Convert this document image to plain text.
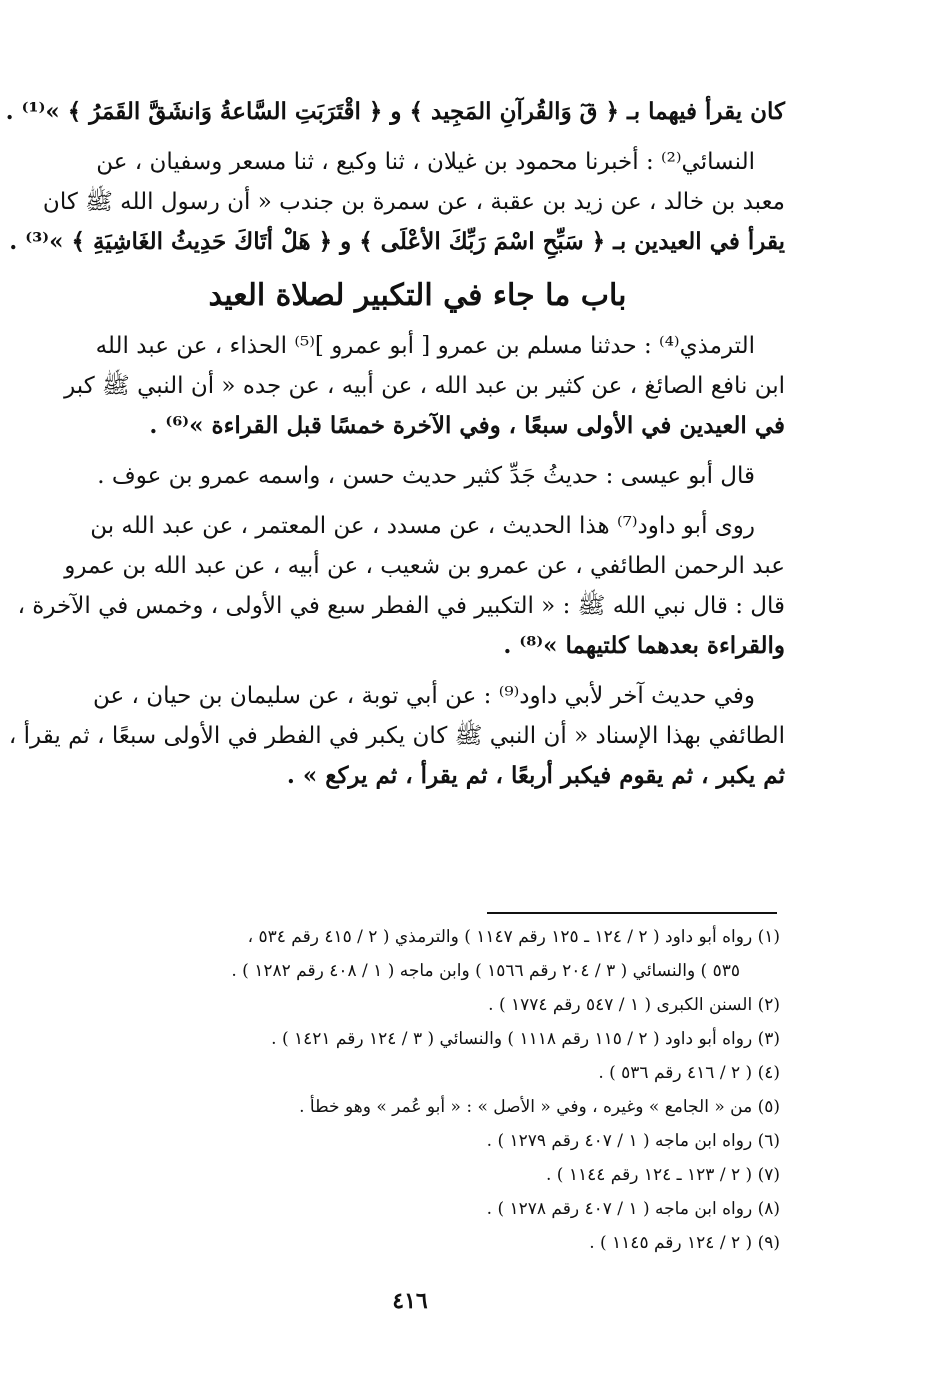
كان يقرأ فيهما بـ ﴿ قٓ وَالقُرآنِ المَجِيد ﴾ و ﴿ اقْتَرَبَتِ السَّاعةُ وَانشَقَّ القَمَرُ ﴾ »⁽¹⁾ .
النسائي⁽²⁾ : أخبرنا محمود بن غيلان ، ثنا وكيع ، ثنا مسعر وسفيان ، عن
معبد بن خالد ، عن زيد بن عقبة ، عن سمرة بن جندب « أن رسول الله ﷺ كان
يقرأ في العيدين بـ ﴿ سَبِّحِ اسْمَ رَبِّكَ الأعْلَى ﴾ و ﴿ هَلْ أتَاكَ حَدِيثُ الغَاشِيَةِ ﴾ »⁽³⁾ .
باب ما جاء في التكبير لصلاة العيد
الترمذي⁽⁴⁾ : حدثنا مسلم بن عمرو [ أبو عمرو ]⁽⁵⁾ الحذاء ، عن عبد الله
ابن نافع الصائغ ، عن كثير بن عبد الله ، عن أبيه ، عن جده « أن النبي ﷺ كبر
في العيدين في الأولى سبعًا ، وفي الآخرة خمسًا قبل القراءة »⁽⁶⁾ .
قال أبو عيسى : حديثُ جَدِّ كثير حديث حسن ، واسمه عمرو بن عوف .
روى أبو داود⁽⁷⁾ هذا الحديث ، عن مسدد ، عن المعتمر ، عن عبد الله بن
عبد الرحمن الطائفي ، عن عمرو بن شعيب ، عن أبيه ، عن عبد الله بن عمرو
قال : قال نبي الله ﷺ : « التكبير في الفطر سبع في الأولى ، وخمس في الآخرة ،
والقراءة بعدهما كلتيهما »⁽⁸⁾ .
وفي حديث آخر لأبي داود⁽⁹⁾ : عن أبي توبة ، عن سليمان بن حيان ، عن
الطائفي بهذا الإسناد « أن النبي ﷺ كان يكبر في الفطر في الأولى سبعًا ، ثم يقرأ ،
ثم يكبر ، ثم يقوم فيكبر أربعًا ، ثم يقرأ ، ثم يركع » .
(١) رواه أبو داود ( ٢ / ١٢٤ ـ ١٢٥ رقم ١١٤٧ ) والترمذي ( ٢ / ٤١٥ رقم ٥٣٤ ،
٥٣٥ ) والنسائي ( ٣ / ٢٠٤ رقم ١٥٦٦ ) وابن ماجه ( ١ / ٤٠٨ رقم ١٢٨٢ ) .
(٢) السنن الكبرى ( ١ / ٥٤٧ رقم ١٧٧٤ ) .
(٣) رواه أبو داود ( ٢ / ١١٥ رقم ١١١٨ ) والنسائي ( ٣ / ١٢٤ رقم ١٤٢١ ) .
(٤) ( ٢ / ٤١٦ رقم ٥٣٦ ) .
(٥) من « الجامع » وغيره ، وفي « الأصل » : « أبو عُمر » وهو خطأ .
(٦) رواه ابن ماجه ( ١ / ٤٠٧ رقم ١٢٧٩ ) .
(٧) ( ٢ / ١٢٣ ـ ١٢٤ رقم ١١٤٤ ) .
(٨) رواه ابن ماجه ( ١ / ٤٠٧ رقم ١٢٧٨ ) .
(٩) ( ٢ / ١٢٤ رقم ١١٤٥ ) .
٤١٦
